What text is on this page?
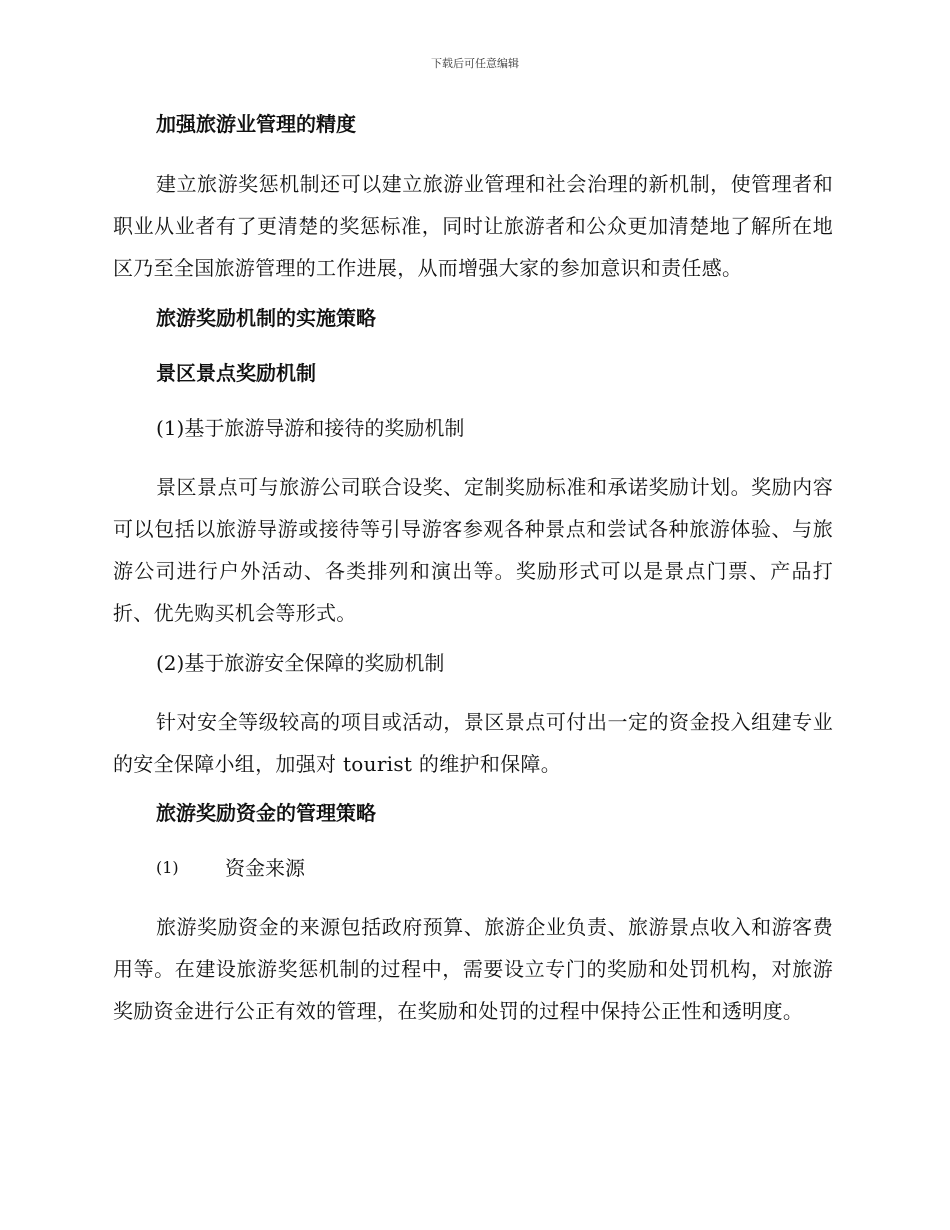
下载后可任意编辑
加强旅游业管理的精度

建立旅游奖惩机制还可以建立旅游业管理和社会治理的新机制，使管理者和职业从业者有了更清楚的奖惩标准，同时让旅游者和公众更加清楚地了解所在地区乃至全国旅游管理的工作进展，从而增强大家的参加意识和责任感。

旅游奖励机制的实施策略
景区景点奖励机制
(1)基于旅游导游和接待的奖励机制

景区景点可与旅游公司联合设奖、定制奖励标准和承诺奖励计划。奖励内容可以包括以旅游导游或接待等引导游客参观各种景点和尝试各种旅游体验、与旅游公司进行户外活动、各类排列和演出等。奖励形式可以是景点门票、产品打折、优先购买机会等形式。

(2)基于旅游安全保障的奖励机制

针对安全等级较高的项目或活动，景区景点可付出一定的资金投入组建专业的安全保障小组，加强对 tourist 的维护和保障。

旅游奖励资金的管理策略
(1)	资金来源

旅游奖励资金的来源包括政府预算、旅游企业负责、旅游景点收入和游客费用等。在建设旅游奖惩机制的过程中，需要设立专门的奖励和处罚机构，对旅游奖励资金进行公正有效的管理，在奖励和处罚的过程中保持公正性和透明度。
